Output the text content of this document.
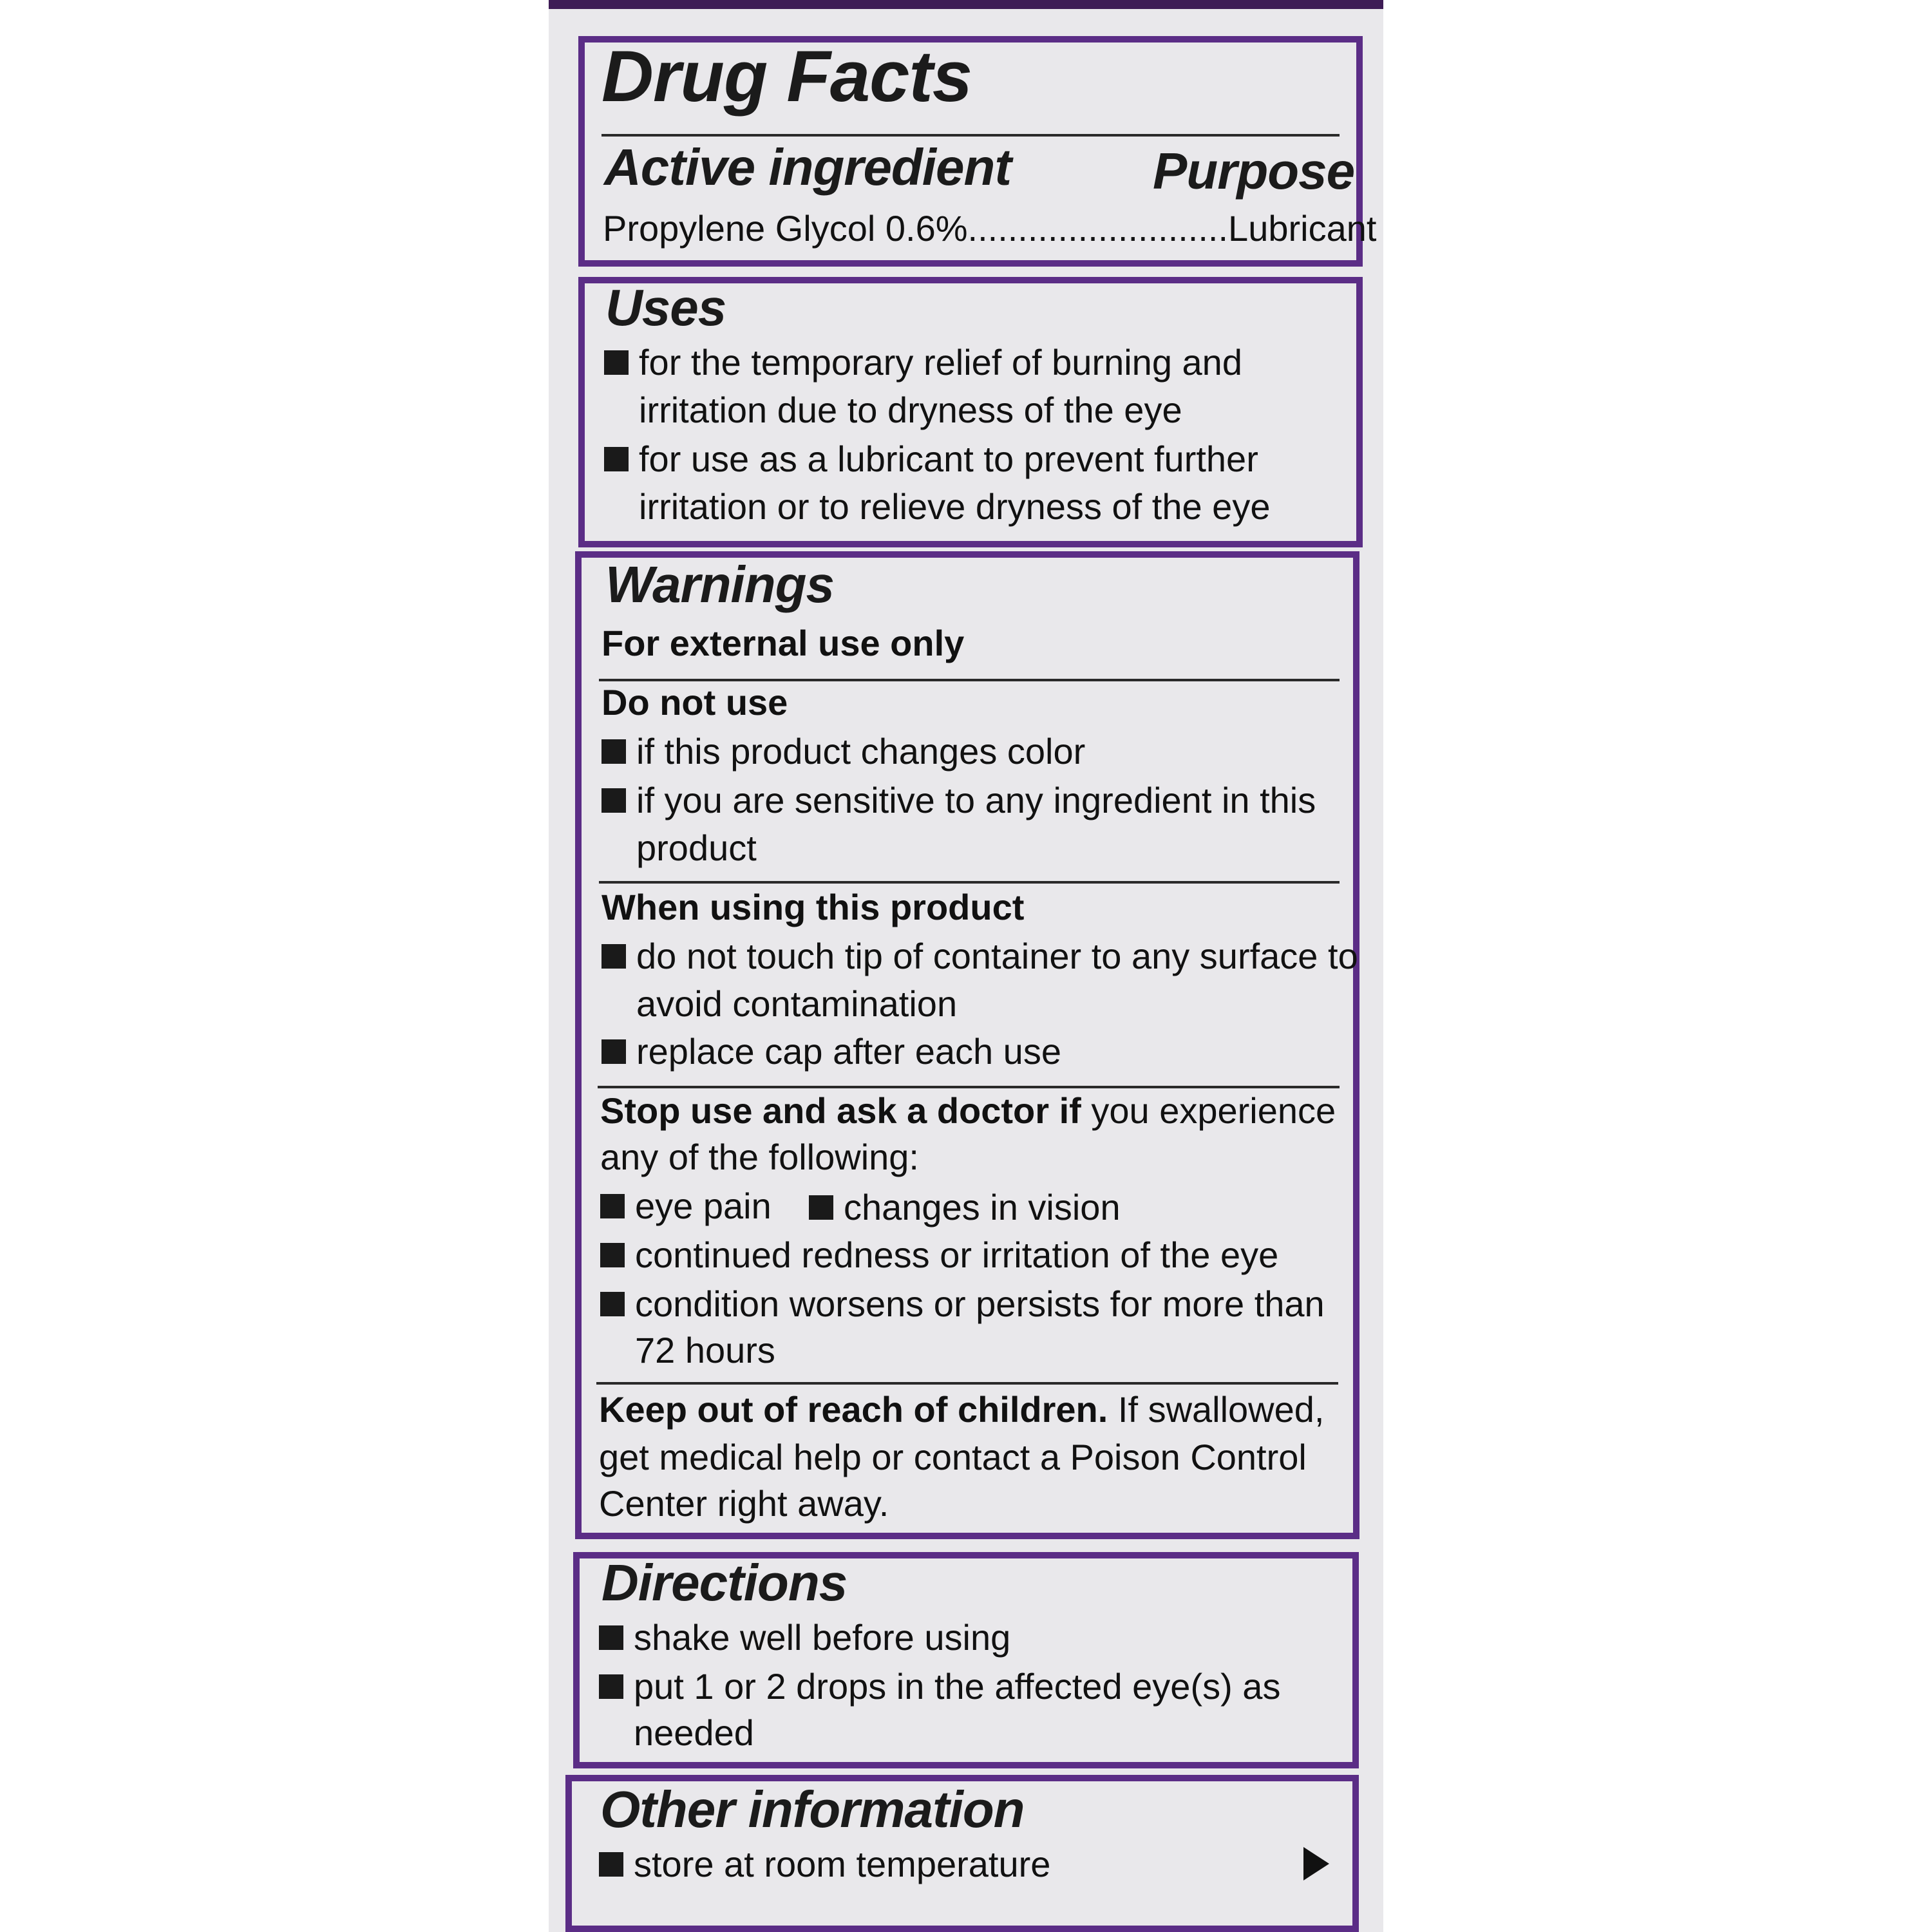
Drug Facts
Active ingredient	Purpose
Propylene Glycol 0.6%..........................Lubricant
Uses
for the temporary relief of burning and
irritation due to dryness of the eye
for use as a lubricant to prevent further
irritation or to relieve dryness of the eye
Warnings
For external use only
Do not use
if this product changes color
if you are sensitive to any ingredient in this
product
When using this product
do not touch tip of container to any surface to
avoid contamination
replace cap after each use
Stop use and ask a doctor if you experience
any of the following:
eye pain	changes in vision
continued redness or irritation of the eye
condition worsens or persists for more than
72 hours
Keep out of reach of children. If swallowed,
get medical help or contact a Poison Control
Center right away.
Directions
shake well before using
put 1 or 2 drops in the affected eye(s) as
needed
Other information
store at room temperature
